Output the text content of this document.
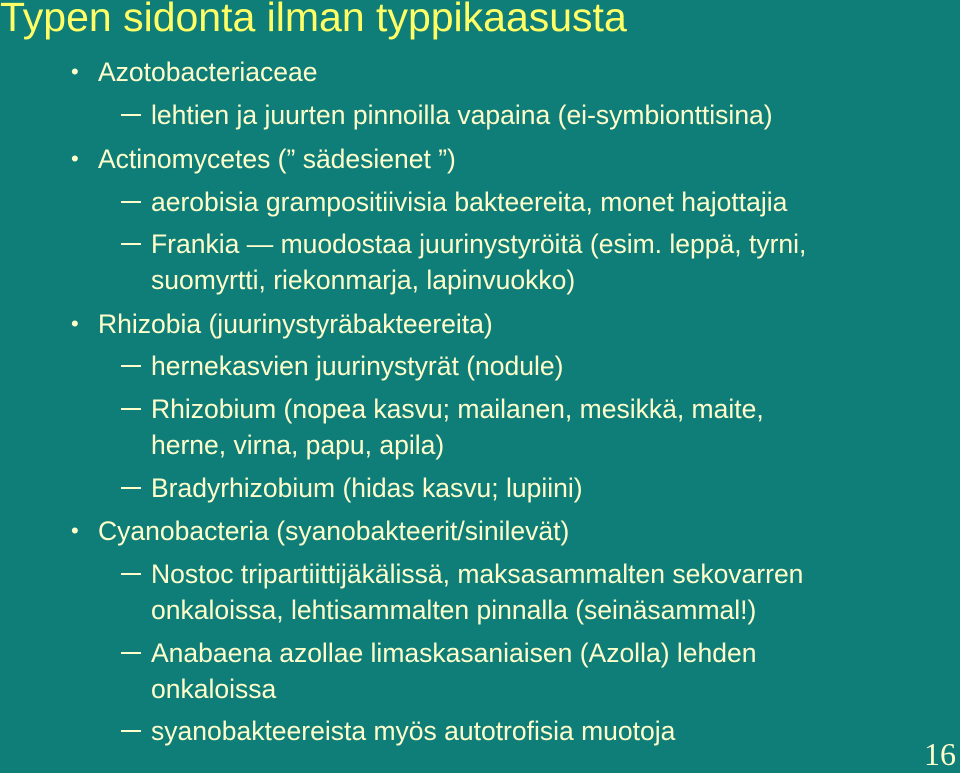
Typen sidonta ilman typpikaasusta
• Azotobacteriaceae
lehtien ja juurten pinnoilla vapaina (ei-symbionttisina)
• Actinomycetes (” sädesienet ”)
aerobisia grampositiivisia bakteereita, monet hajottajia
Frankia — muodostaa juurinystyröitä (esim. leppä, tyrni,
suomyrtti, riekonmarja, lapinvuokko)
• Rhizobia (juurinystyräbakteereita)
hernekasvien juurinystyrät (nodule)
Rhizobium (nopea kasvu; mailanen, mesikkä, maite,
herne, virna, papu, apila)
Bradyrhizobium (hidas kasvu; lupiini)
• Cyanobacteria (syanobakteerit/sinilevät)
Nostoc tripartiittijäkälissä, maksasammalten sekovarren
onkaloissa, lehtisammalten pinnalla (seinäsammal!)
Anabaena azollae limaskasaniaisen (Azolla) lehden
onkaloissa
syanobakteereista myös autotrofisia muotoja
16
